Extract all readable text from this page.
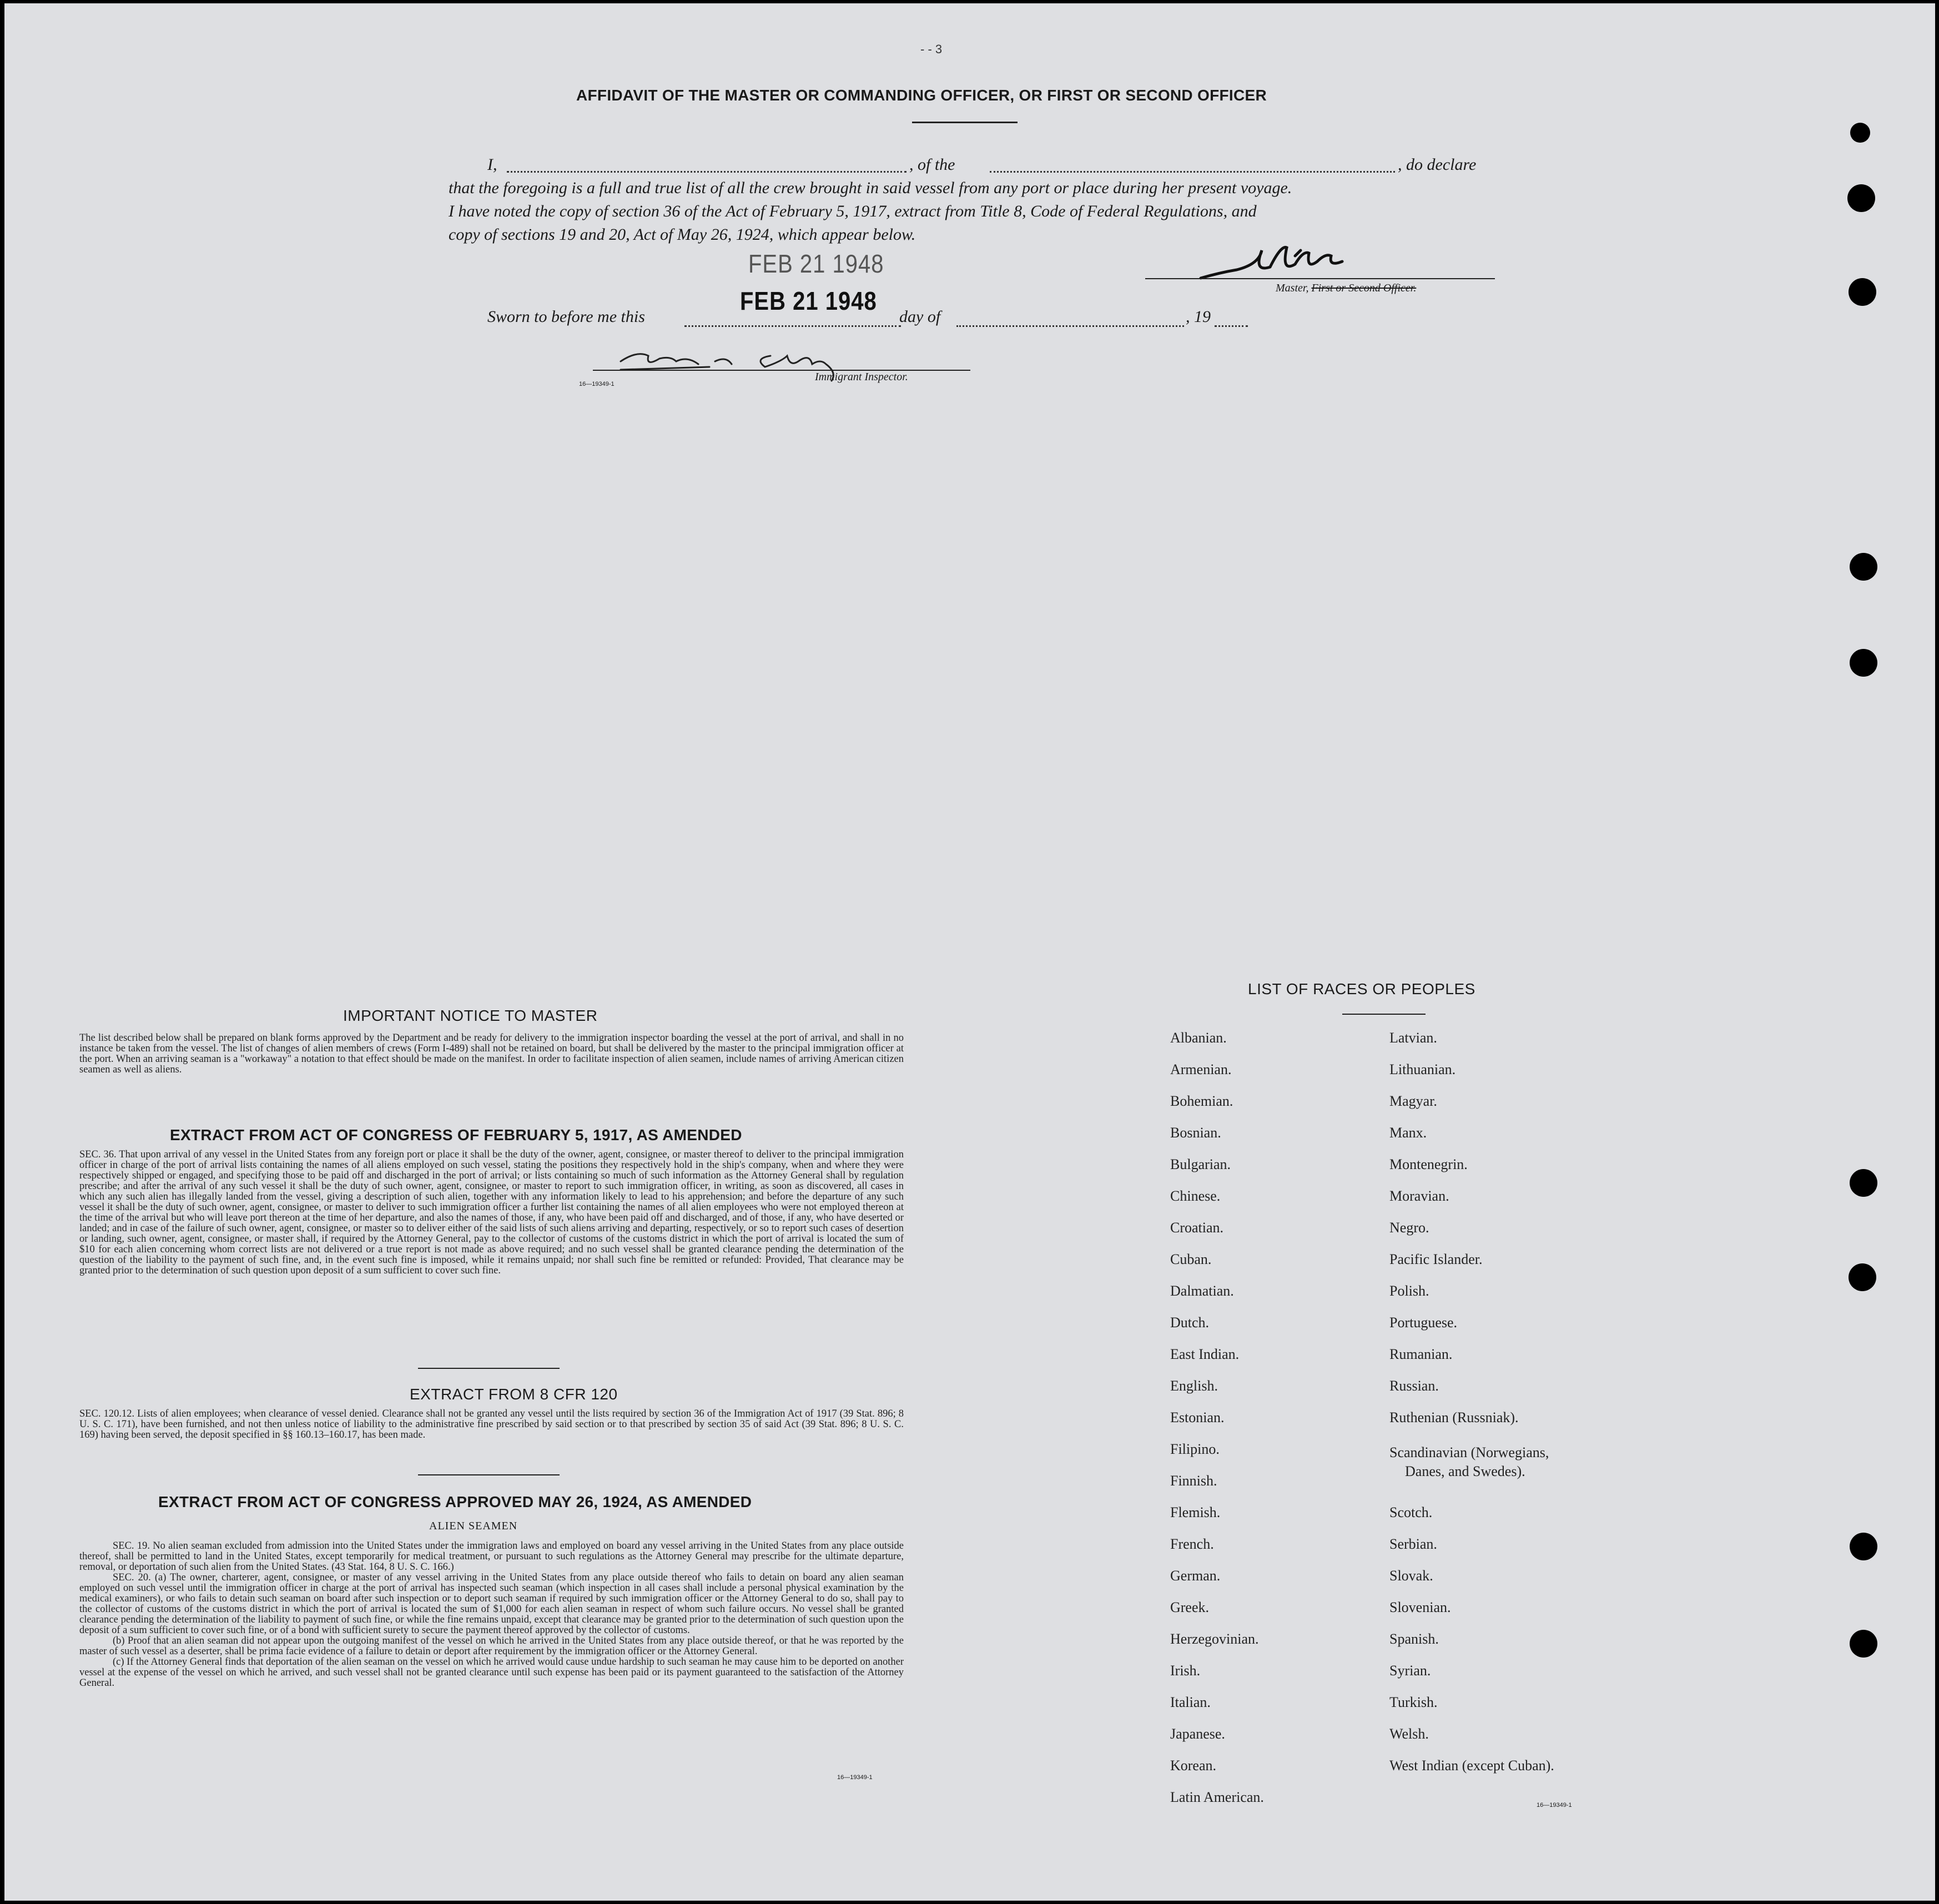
- - 3
AFFIDAVIT OF THE MASTER OR COMMANDING OFFICER, OR FIRST OR SECOND OFFICER
I,	, of the	, do declare
that the foregoing is a full and true list of all the crew brought in said vessel from any port or place during her present voyage.
I have noted the copy of section 36 of the Act of February 5, 1917, extract from Title 8, Code of Federal Regulations, and
copy of sections 19 and 20, Act of May 26, 1924, which appear below.
FEB 21 1948
FEB 21 1948	Master, First or Second Officer.
Sworn to before me this	day of	, 19
Immigrant Inspector.
16—19349-1
IMPORTANT NOTICE TO MASTER
The list described below shall be prepared on blank forms approved by the Department and be ready for delivery to the immigration inspector boarding the vessel at the port of arrival, and shall in no instance be taken from the vessel. The list of changes of alien members of crews (Form I-489) shall not be retained on board, but shall be delivered by the master to the principal immigration officer at the port. When an arriving seaman is a "workaway" a notation to that effect should be made on the manifest. In order to facilitate inspection of alien seamen, include names of arriving American citizen seamen as well as aliens.
EXTRACT FROM ACT OF CONGRESS OF FEBRUARY 5, 1917, AS AMENDED
SEC. 36. That upon arrival of any vessel in the United States from any foreign port or place it shall be the duty of the owner, agent, consignee, or master thereof to deliver to the principal immigration officer in charge of the port of arrival lists containing the names of all aliens employed on such vessel, stating the positions they respectively hold in the ship's company, when and where they were respectively shipped or engaged, and specifying those to be paid off and discharged in the port of arrival; or lists containing so much of such information as the Attorney General shall by regulation prescribe; and after the arrival of any such vessel it shall be the duty of such owner, agent, consignee, or master to report to such immigration officer, in writing, as soon as discovered, all cases in which any such alien has illegally landed from the vessel, giving a description of such alien, together with any information likely to lead to his apprehension; and before the departure of any such vessel it shall be the duty of such owner, agent, consignee, or master to deliver to such immigration officer a further list containing the names of all alien employees who were not employed thereon at the time of the arrival but who will leave port thereon at the time of her departure, and also the names of those, if any, who have been paid off and discharged, and of those, if any, who have deserted or landed; and in case of the failure of such owner, agent, consignee, or master so to deliver either of the said lists of such aliens arriving and departing, respectively, or so to report such cases of desertion or landing, such owner, agent, consignee, or master shall, if required by the Attorney General, pay to the collector of customs of the customs district in which the port of arrival is located the sum of $10 for each alien concerning whom correct lists are not delivered or a true report is not made as above required; and no such vessel shall be granted clearance pending the determination of the question of the liability to the payment of such fine, and, in the event such fine is imposed, while it remains unpaid; nor shall such fine be remitted or refunded: Provided, That clearance may be granted prior to the determination of such question upon deposit of a sum sufficient to cover such fine.
EXTRACT FROM 8 CFR 120
SEC. 120.12. Lists of alien employees; when clearance of vessel denied. Clearance shall not be granted any vessel until the lists required by section 36 of the Immigration Act of 1917 (39 Stat. 896; 8 U. S. C. 171), have been furnished, and not then unless notice of liability to the administrative fine prescribed by said section or to that prescribed by section 35 of said Act (39 Stat. 896; 8 U. S. C. 169) having been served, the deposit specified in §§ 160.13–160.17, has been made.
EXTRACT FROM ACT OF CONGRESS APPROVED MAY 26, 1924, AS AMENDED
ALIEN SEAMEN

SEC. 19. No alien seaman excluded from admission into the United States under the immigration laws and employed on board any vessel arriving in the United States from any place outside thereof, shall be permitted to land in the United States, except temporarily for medical treatment, or pursuant to such regulations as the Attorney General may prescribe for the ultimate departure, removal, or deportation of such alien from the United States. (43 Stat. 164, 8 U. S. C. 166.)

SEC. 20. (a) The owner, charterer, agent, consignee, or master of any vessel arriving in the United States from any place outside thereof who fails to detain on board any alien seaman employed on such vessel until the immigration officer in charge at the port of arrival has inspected such seaman (which inspection in all cases shall include a personal physical examination by the medical examiners), or who fails to detain such seaman on board after such inspection or to deport such seaman if required by such immigration officer or the Attorney General to do so, shall pay to the collector of customs of the customs district in which the port of arrival is located the sum of $1,000 for each alien seaman in respect of whom such failure occurs. No vessel shall be granted clearance pending the determination of the liability to payment of such fine, or while the fine remains unpaid, except that clearance may be granted prior to the determination of such question upon the deposit of a sum sufficient to cover such fine, or of a bond with sufficient surety to secure the payment thereof approved by the collector of customs.

(b) Proof that an alien seaman did not appear upon the outgoing manifest of the vessel on which he arrived in the United States from any place outside thereof, or that he was reported by the master of such vessel as a deserter, shall be prima facie evidence of a failure to detain or deport after requirement by the immigration officer or the Attorney General.

(c) If the Attorney General finds that deportation of the alien seaman on the vessel on which he arrived would cause undue hardship to such seaman he may cause him to be deported on another vessel at the expense of the vessel on which he arrived, and such vessel shall not be granted clearance until such expense has been paid or its payment guaranteed to the satisfaction of the Attorney General.

16—19349-1
LIST OF RACES OR PEOPLES
Albanian.
Armenian.
Bohemian.
Bosnian.
Bulgarian.
Chinese.
Croatian.
Cuban.
Dalmatian.
Dutch.
East Indian.
English.
Estonian.
Filipino.
Finnish.
Flemish.
French.
German.
Greek.
Herzegovinian.
Irish.
Italian.
Japanese.
Korean.
Latin American.
Latvian.
Lithuanian.
Magyar.
Manx.
Montenegrin.
Moravian.
Negro.
Pacific Islander.
Polish.
Portuguese.
Rumanian.
Russian.
Ruthenian (Russniak).
Scandinavian (Norwegians,
Danes, and Swedes).
Scotch.
Serbian.
Slovak.
Slovenian.
Spanish.
Syrian.
Turkish.
Welsh.
West Indian (except Cuban).
16—19349-1
